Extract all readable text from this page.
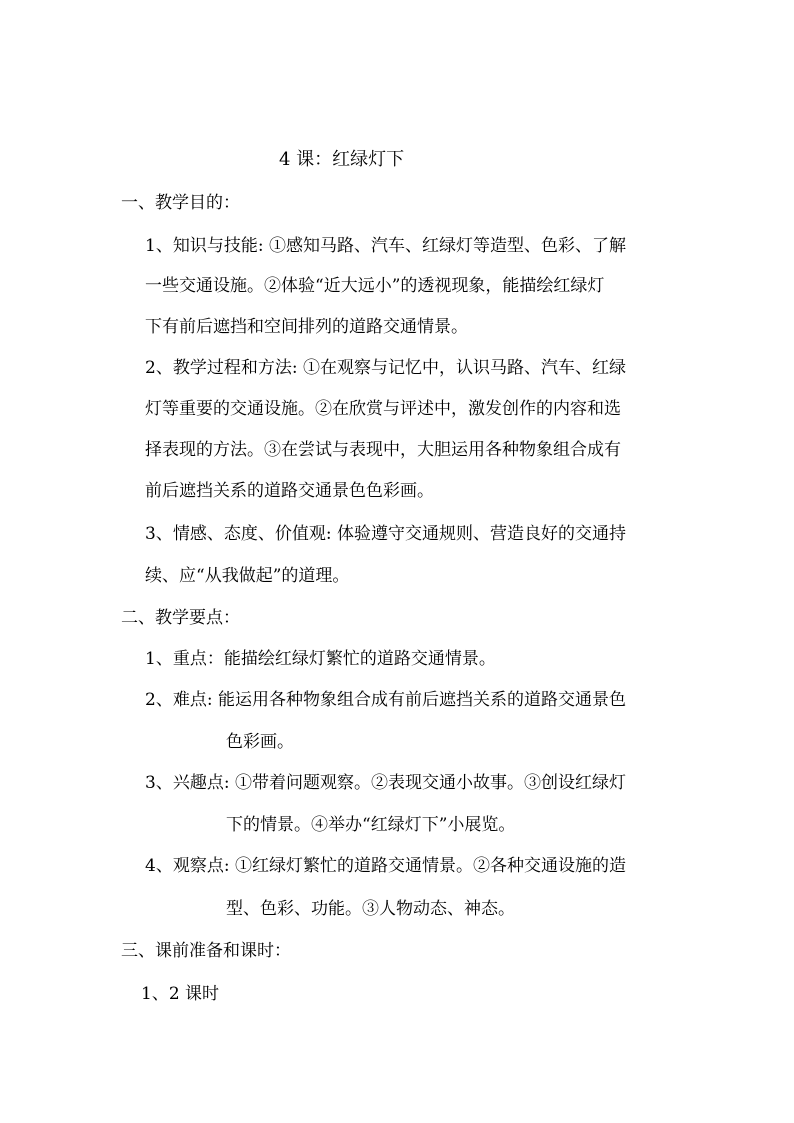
4 课：红绿灯下
一、教学目的：
1、知识与技能: ①感知马路、汽车、红绿灯等造型、色彩、了解
一些交通设施。②体验“近大远小”的透视现象，能描绘红绿灯
下有前后遮挡和空间排列的道路交通情景。
2、教学过程和方法: ①在观察与记忆中，认识马路、汽车、红绿
灯等重要的交通设施。②在欣赏与评述中，激发创作的内容和选
择表现的方法。③在尝试与表现中，大胆运用各种物象组合成有
前后遮挡关系的道路交通景色色彩画。
3、情感、态度、价值观: 体验遵守交通规则、营造良好的交通持
续、应“从我做起”的道理。
二、教学要点：
1、重点：能描绘红绿灯繁忙的道路交通情景。
2、难点: 能运用各种物象组合成有前后遮挡关系的道路交通景色
色彩画。
3、兴趣点: ①带着问题观察。②表现交通小故事。③创设红绿灯
下的情景。④举办“红绿灯下”小展览。
4、观察点: ①红绿灯繁忙的道路交通情景。②各种交通设施的造
型、色彩、功能。③人物动态、神态。
三、课前准备和课时：
1、2 课时
